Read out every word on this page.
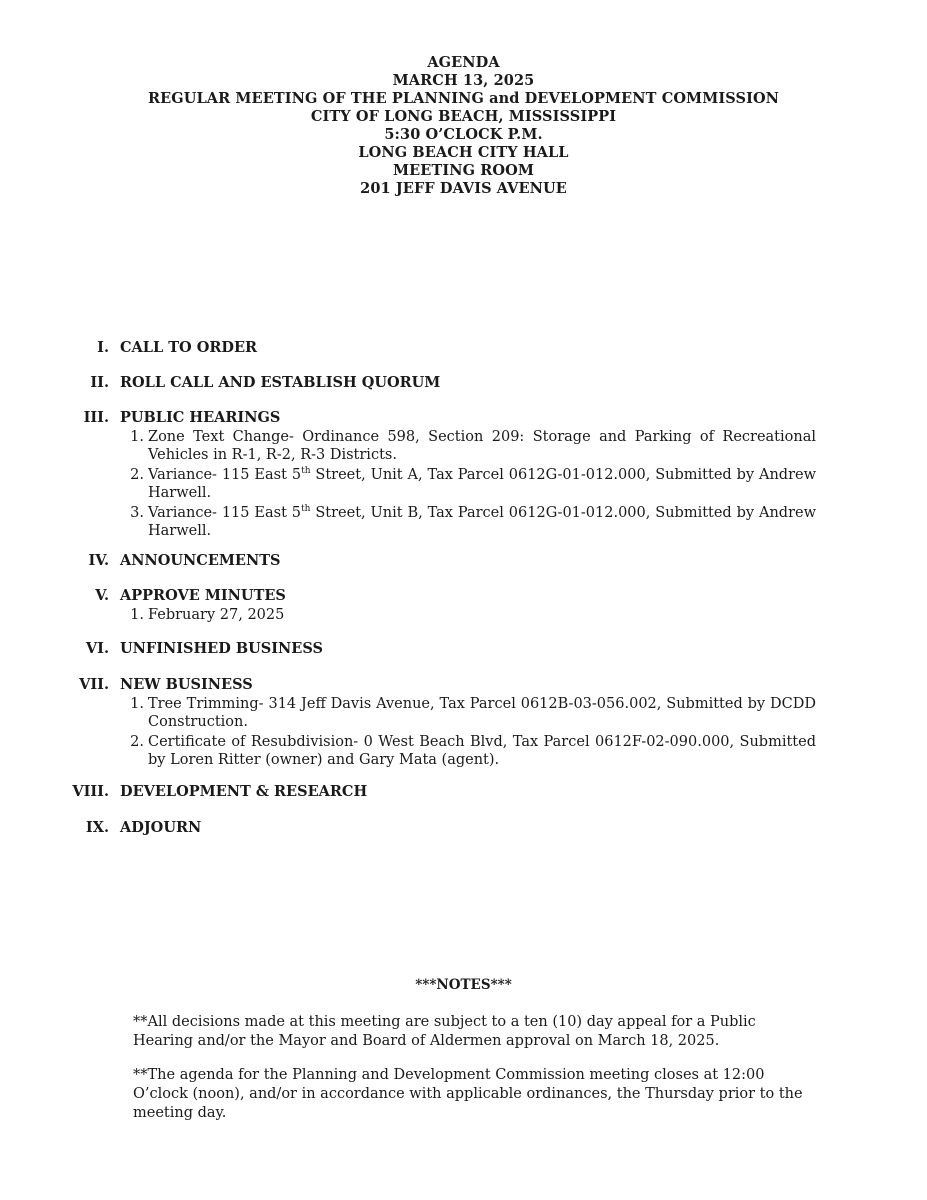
AGENDA
MARCH 13, 2025
REGULAR MEETING OF THE PLANNING and DEVELOPMENT COMMISSION
CITY OF LONG BEACH, MISSISSIPPI
5:30 O’CLOCK P.M.
LONG BEACH CITY HALL
MEETING ROOM
201 JEFF DAVIS AVENUE
I. CALL TO ORDER
II. ROLL CALL AND ESTABLISH QUORUM
III. PUBLIC HEARINGS
1. Zone Text Change- Ordinance 598, Section 209: Storage and Parking of Recreational Vehicles in R-1, R-2, R-3 Districts.
2. Variance- 115 East 5th Street, Unit A, Tax Parcel 0612G-01-012.000, Submitted by Andrew Harwell.
3. Variance- 115 East 5th Street, Unit B, Tax Parcel 0612G-01-012.000, Submitted by Andrew Harwell.
IV. ANNOUNCEMENTS
V. APPROVE MINUTES
1. February 27, 2025
VI. UNFINISHED BUSINESS
VII. NEW BUSINESS
1. Tree Trimming- 314 Jeff Davis Avenue, Tax Parcel 0612B-03-056.002, Submitted by DCDD Construction.
2. Certificate of Resubdivision- 0 West Beach Blvd, Tax Parcel 0612F-02-090.000, Submitted by Loren Ritter (owner) and Gary Mata (agent).
VIII. DEVELOPMENT & RESEARCH
IX. ADJOURN
***NOTES***
**All decisions made at this meeting are subject to a ten (10) day appeal for a Public Hearing and/or the Mayor and Board of Aldermen approval on March 18, 2025.
**The agenda for the Planning and Development Commission meeting closes at 12:00 O’clock (noon), and/or in accordance with applicable ordinances, the Thursday prior to the meeting day.
